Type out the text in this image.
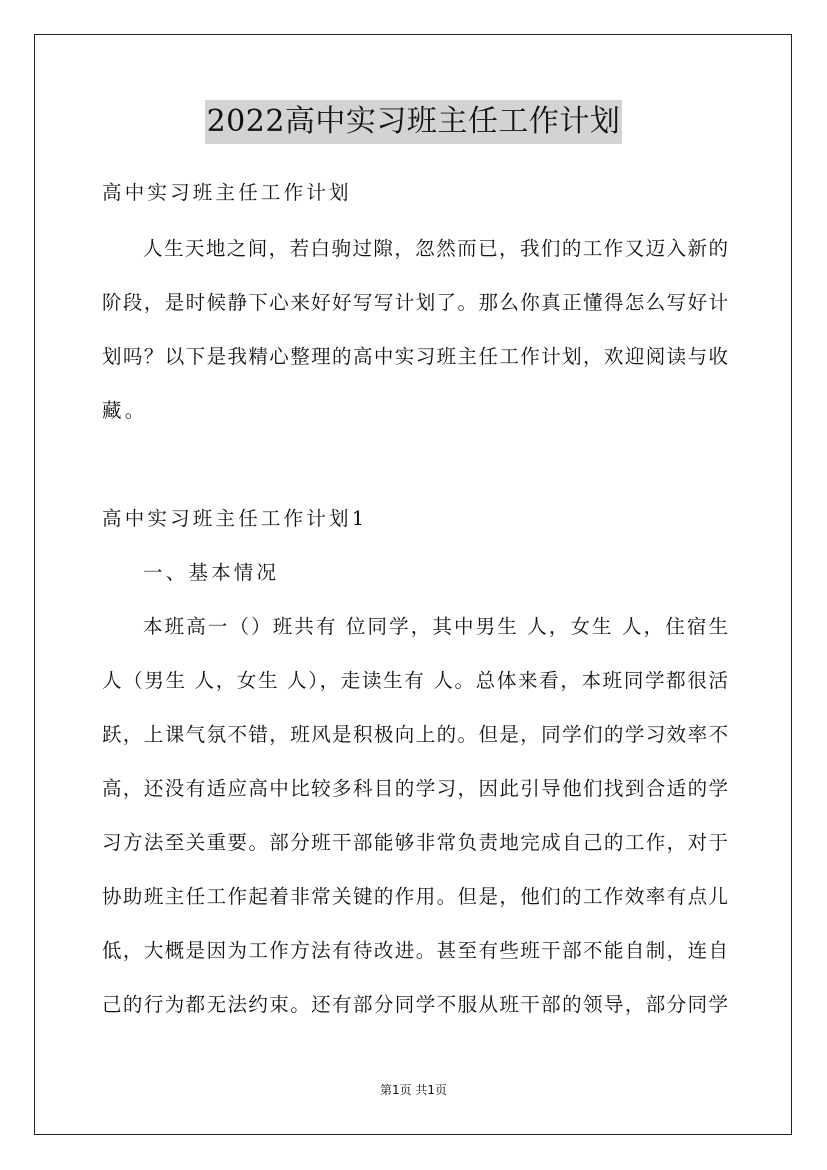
2022高中实习班主任工作计划
高中实习班主任工作计划
人生天地之间，若白驹过隙，忽然而已，我们的工作又迈入新的
阶段，是时候静下心来好好写写计划了。那么你真正懂得怎么写好计
划吗？以下是我精心整理的高中实习班主任工作计划，欢迎阅读与收
藏。
高中实习班主任工作计划1
一、基本情况
本班高一（）班共有 位同学，其中男生 人，女生 人，住宿生
人（男生 人，女生 人），走读生有 人。总体来看，本班同学都很活
跃，上课气氛不错，班风是积极向上的。但是，同学们的学习效率不
高，还没有适应高中比较多科目的学习，因此引导他们找到合适的学
习方法至关重要。部分班干部能够非常负责地完成自己的工作，对于
协助班主任工作起着非常关键的作用。但是，他们的工作效率有点儿
低，大概是因为工作方法有待改进。甚至有些班干部不能自制，连自
己的行为都无法约束。还有部分同学不服从班干部的领导，部分同学
第1页 共1页
